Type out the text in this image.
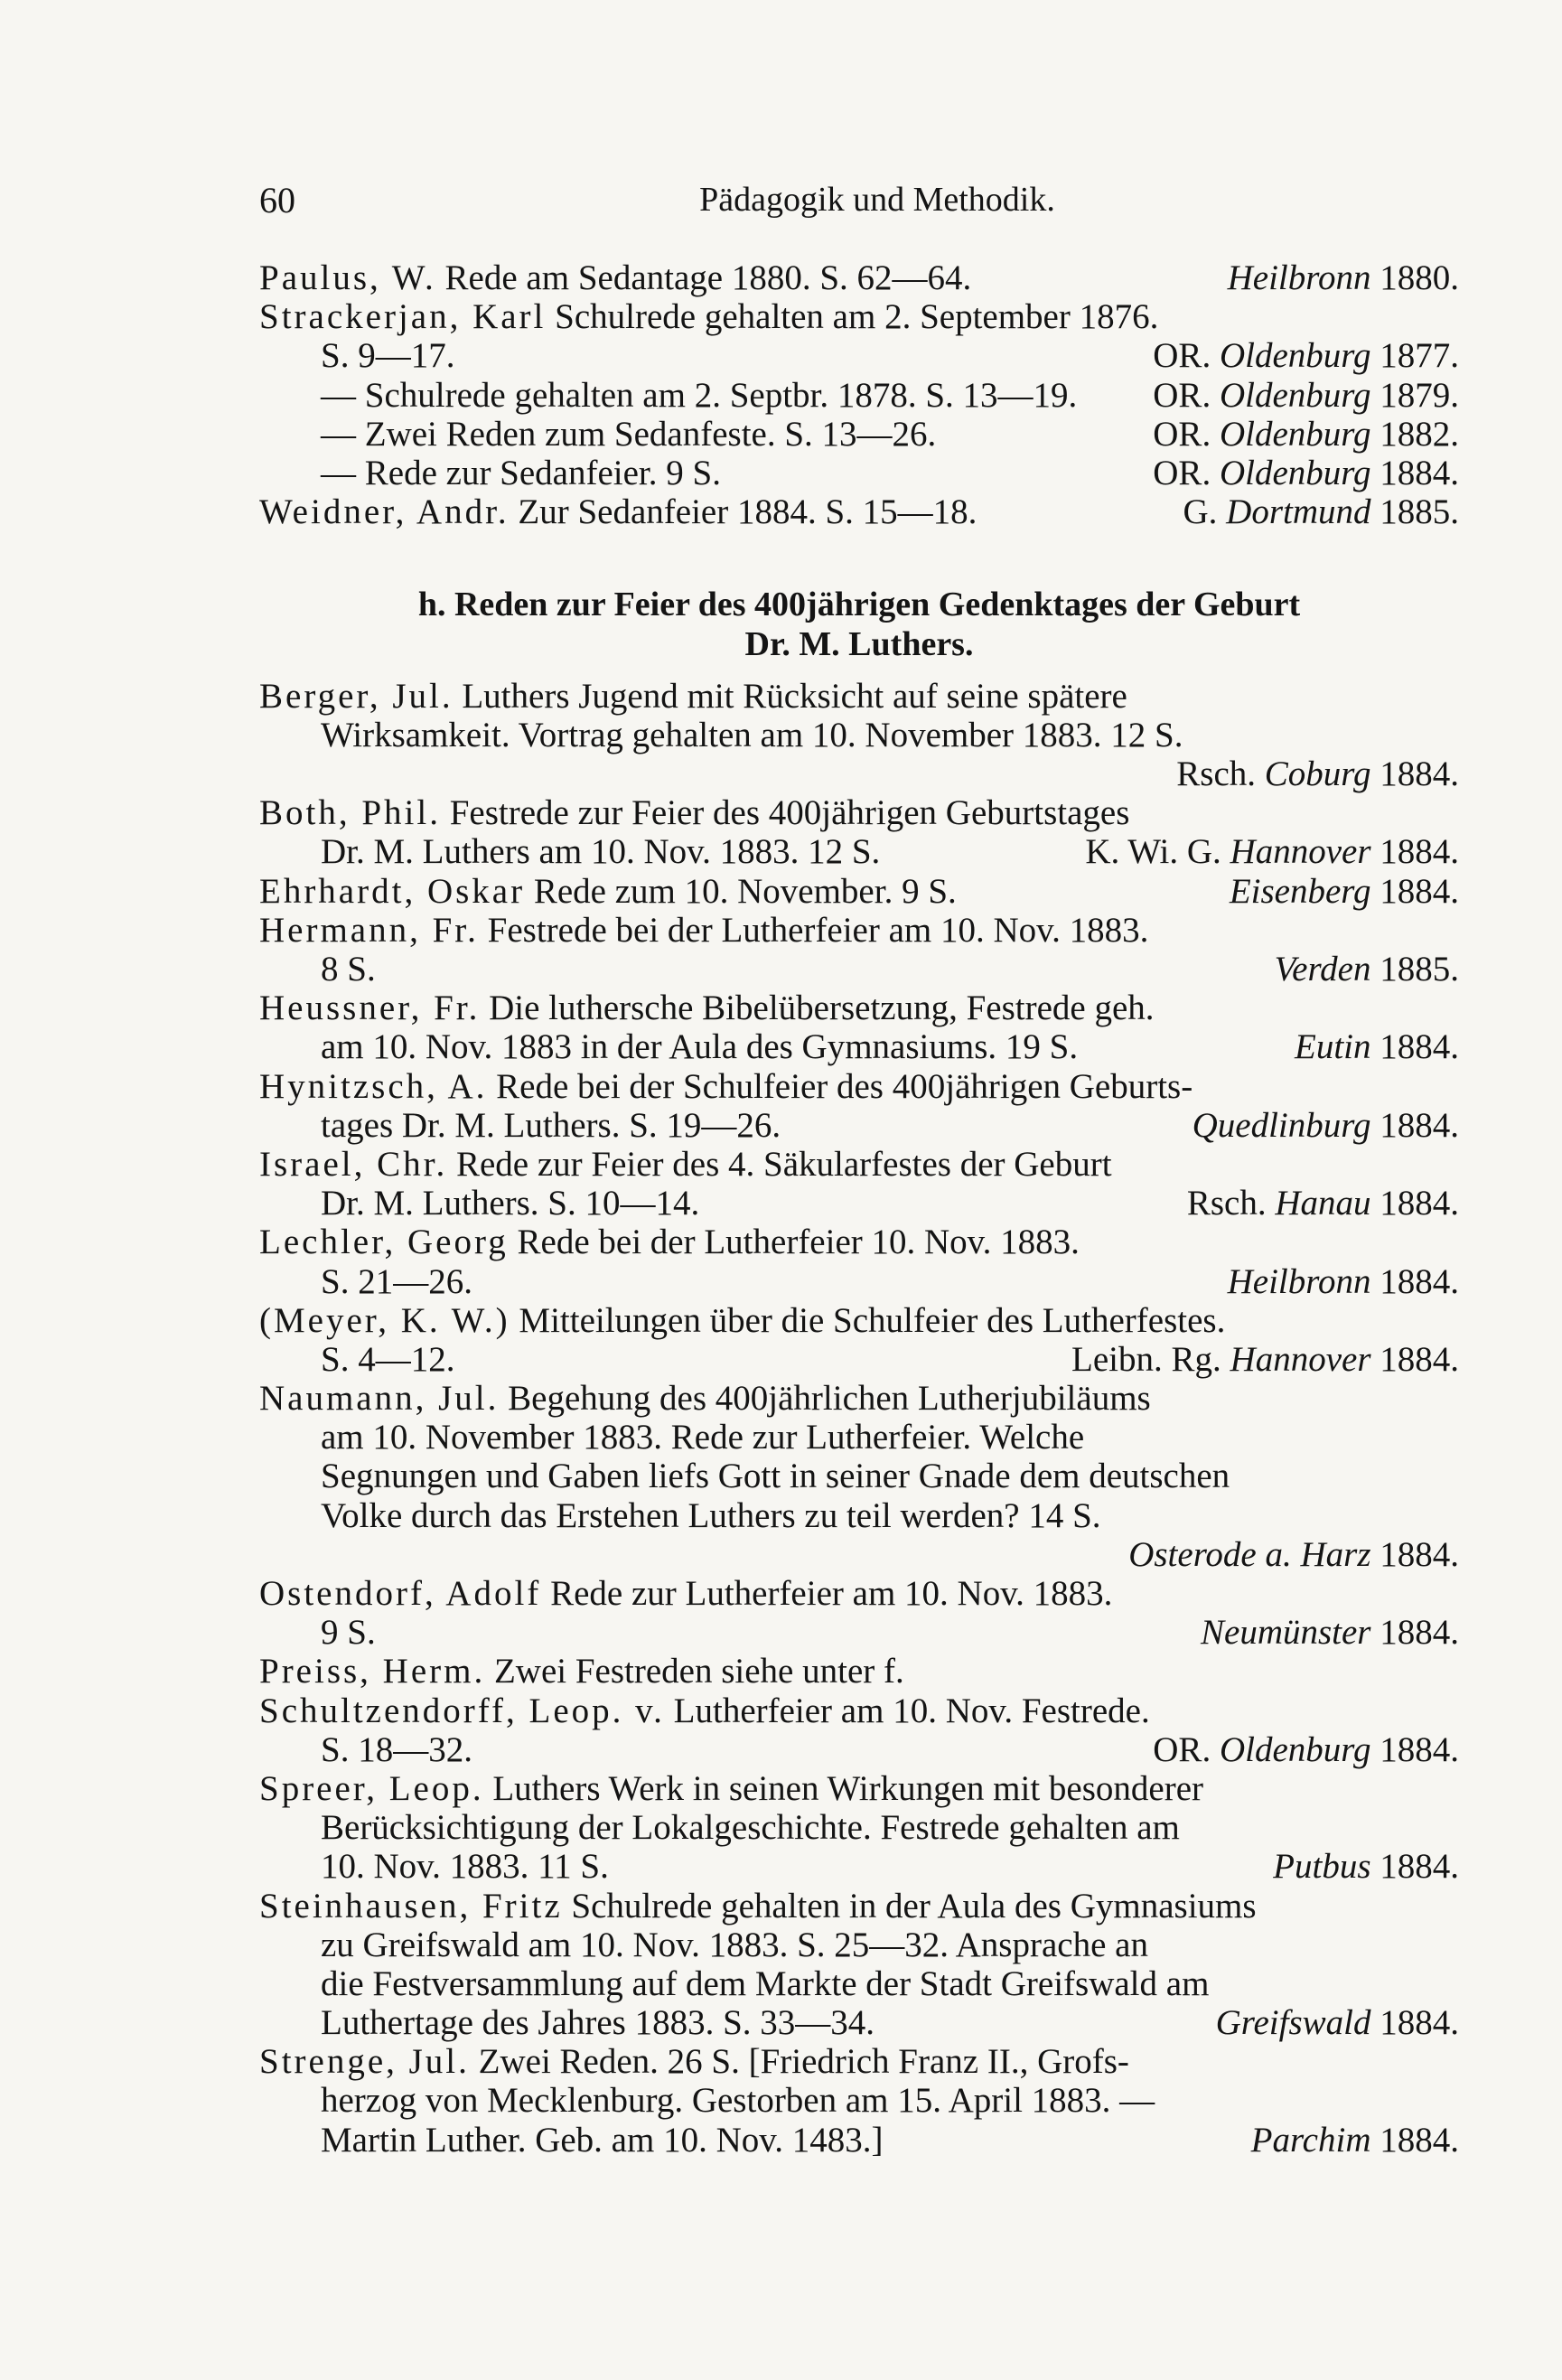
60	Pädagogik und Methodik.
Paulus, W. Rede am Sedantage 1880. S. 62—64.	Heilbronn 1880.
Strackerjan, Karl Schulrede gehalten am 2. September 1876.
S. 9—17.	OR. Oldenburg 1877.
— Schulrede gehalten am 2. Septbr. 1878. S. 13—19. OR. Oldenburg 1879.
— Zwei Reden zum Sedanfeste. S. 13—26.	OR. Oldenburg 1882.
— Rede zur Sedanfeier. 9 S.	OR. Oldenburg 1884.
Weidner, Andr. Zur Sedanfeier 1884. S. 15—18.	G. Dortmund 1885.
h. Reden zur Feier des 400jährigen Gedenktages der Geburt
Dr. M. Luthers.
Berger, Jul. Luthers Jugend mit Rücksicht auf seine spätere
Wirksamkeit. Vortrag gehalten am 10. November 1883. 12 S.
Rsch. Coburg 1884.
Both, Phil. Festrede zur Feier des 400jährigen Geburtstages
Dr. M. Luthers am 10. Nov. 1883. 12 S.	K. Wi. G. Hannover 1884.
Ehrhardt, Oskar Rede zum 10. November. 9 S.	Eisenberg 1884.
Hermann, Fr. Festrede bei der Lutherfeier am 10. Nov. 1883.
8 S.	Verden 1885.
Heussner, Fr. Die luthersche Bibelübersetzung, Festrede geh.
am 10. Nov. 1883 in der Aula des Gymnasiums. 19 S.	Eutin 1884.
Hynitzsch, A. Rede bei der Schulfeier des 400jährigen Geburts-
tages Dr. M. Luthers. S. 19—26.	Quedlinburg 1884.
Israel, Chr. Rede zur Feier des 4. Säkularfestes der Geburt
Dr. M. Luthers. S. 10—14.	Rsch. Hanau 1884.
Lechler, Georg Rede bei der Lutherfeier 10. Nov. 1883.
S. 21—26.	Heilbronn 1884.
(Meyer, K. W.) Mitteilungen über die Schulfeier des Lutherfestes.
S. 4—12.	Leibn. Rg. Hannover 1884.
Naumann, Jul. Begehung des 400jährlichen Lutherjubiläums
am 10. November 1883. Rede zur Lutherfeier. Welche
Segnungen und Gaben liefs Gott in seiner Gnade dem deutschen
Volke durch das Erstehen Luthers zu teil werden? 14 S.
Osterode a. Harz 1884.
Ostendorf, Adolf Rede zur Lutherfeier am 10. Nov. 1883.
9 S.	Neumünster 1884.
Preiss, Herm. Zwei Festreden siehe unter f.
Schultzendorff, Leop. v. Lutherfeier am 10. Nov. Festrede.
S. 18—32.	OR. Oldenburg 1884.
Spreer, Leop. Luthers Werk in seinen Wirkungen mit besonderer
Berücksichtigung der Lokalgeschichte. Festrede gehalten am
10. Nov. 1883. 11 S.	Putbus 1884.
Steinhausen, Fritz Schulrede gehalten in der Aula des Gymnasiums
zu Greifswald am 10. Nov. 1883. S. 25—32. Ansprache an
die Festversammlung auf dem Markte der Stadt Greifswald am
Luthertage des Jahres 1883. S. 33—34.	Greifswald 1884.
Strenge, Jul. Zwei Reden. 26 S. [Friedrich Franz II., Grofs-
herzog von Mecklenburg. Gestorben am 15. April 1883. —
Martin Luther. Geb. am 10. Nov. 1483.]	Parchim 1884.
